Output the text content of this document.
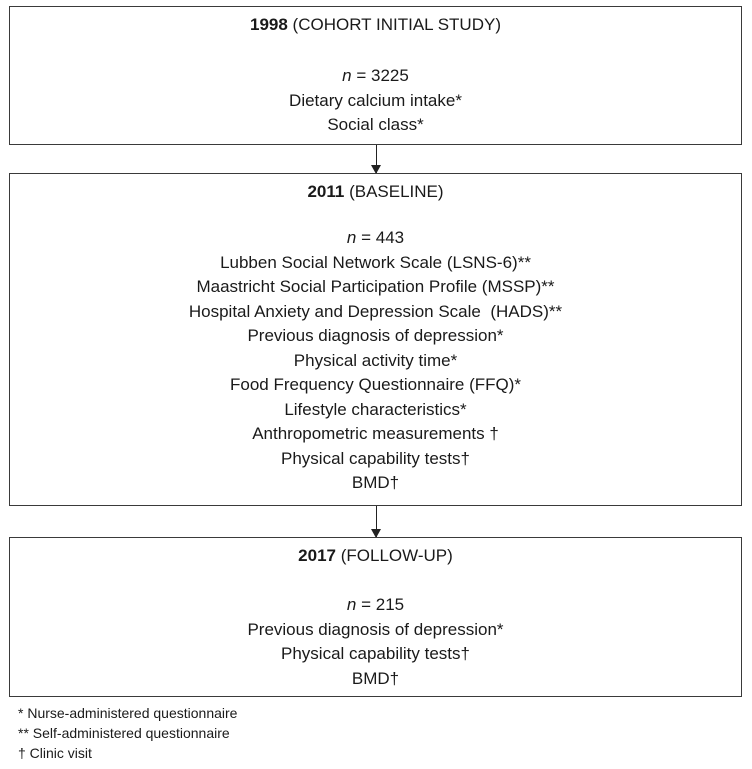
1998 (COHORT INITIAL STUDY)
n = 3225
Dietary calcium intake*
Social class*
2011 (BASELINE)
n = 443
Lubben Social Network Scale (LSNS-6)**
Maastricht Social Participation Profile (MSSP)**
Hospital Anxiety and Depression Scale  (HADS)**
Previous diagnosis of depression*
Physical activity time*
Food Frequency Questionnaire (FFQ)*
Lifestyle characteristics*
Anthropometric measurements †
Physical capability tests†
BMD†
2017 (FOLLOW-UP)
n = 215
Previous diagnosis of depression*
Physical capability tests†
BMD†
* Nurse-administered questionnaire
** Self-administered questionnaire
† Clinic visit
